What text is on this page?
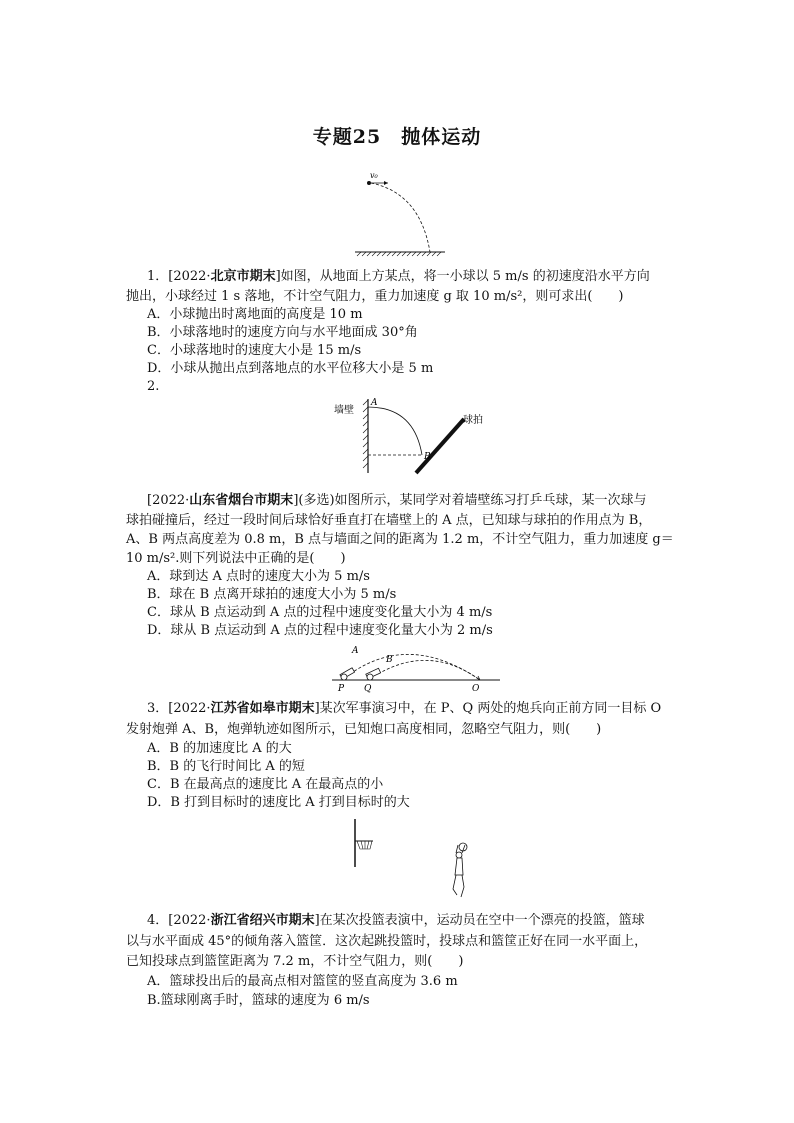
专题25　抛体运动
v₀
1．[2022·北京市期末]如图，从地面上方某点，将一小球以 5 m/s 的初速度沿水平方向
抛出，小球经过 1 s 落地，不计空气阻力，重力加速度 g 取 10 m/s²，则可求出(　　)
A．小球抛出时离地面的高度是 10 m
B．小球落地时的速度方向与水平地面成 30°角
C．小球落地时的速度大小是 15 m/s
D．小球从抛出点到落地点的水平位移大小是 5 m
2.
墙壁
A
B
球拍
[2022·山东省烟台市期末](多选)如图所示，某同学对着墙壁练习打乒乓球，某一次球与
球拍碰撞后，经过一段时间后球恰好垂直打在墙壁上的 A 点，已知球与球拍的作用点为 B，
A、B 两点高度差为 0.8 m，B 点与墙面之间的距离为 1.2 m，不计空气阻力，重力加速度 g＝
10 m/s².则下列说法中正确的是(　　)
A．球到达 A 点时的速度大小为 5 m/s
B．球在 B 点离开球拍的速度大小为 5 m/s
C．球从 B 点运动到 A 点的过程中速度变化量大小为 4 m/s
D．球从 B 点运动到 A 点的过程中速度变化量大小为 2 m/s
A
B
P Q	O
3．[2022·江苏省如皋市期末]某次军事演习中，在 P、Q 两处的炮兵向正前方同一目标 O
发射炮弹 A、B，炮弹轨迹如图所示，已知炮口高度相同，忽略空气阻力，则(　　)
A．B 的加速度比 A 的大
B．B 的飞行时间比 A 的短
C．B 在最高点的速度比 A 在最高点的小
D．B 打到目标时的速度比 A 打到目标时的大
4．[2022·浙江省绍兴市期末]在某次投篮表演中，运动员在空中一个漂亮的投篮，篮球
以与水平面成 45°的倾角落入篮筐．这次起跳投篮时，投球点和篮筐正好在同一水平面上，
已知投球点到篮筐距离为 7.2 m，不计空气阻力，则(　　)
A．篮球投出后的最高点相对篮筐的竖直高度为 3.6 m
B.篮球刚离手时，篮球的速度为 6 m/s
